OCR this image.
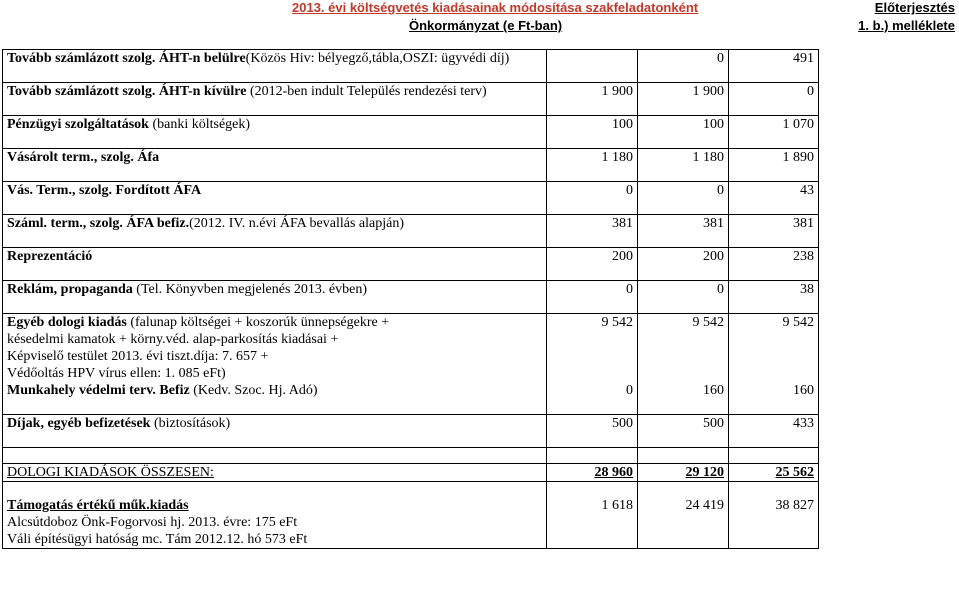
2013. évi költségvetés kiadásainak módosítása szakfeladatonként
Önkormányzat (e Ft-ban)
Előterjesztés
1. b.) melléklete
Tovább számlázott szolg. ÁHT-n belülre(Közös Hiv: bélyegző,tábla,OSZI: ügyvédi díj)		0	491

Tovább számlázott szolg. ÁHT-n kívülre (2012-ben indult Település rendezési terv)	1 900	1 900	0

Pénzügyi szolgáltatások (banki költségek)	100	100	1 070

Vásárolt term., szolg. Áfa	1 180	1 180	1 890

Vás. Term., szolg. Fordított ÁFA	0	0	43

Száml. term., szolg. ÁFA befiz.(2012. IV. n.évi ÁFA bevallás alapján)	381	381	381

Reprezentáció	200	200	238

Reklám, propaganda (Tel. Könyvben megjelenés 2013. évben)	0	0	38

Egyéb dologi kiadás (falunap költségei + koszorúk ünnepségekre +	9 542	9 542	9 542
késedelmi kamatok + körny.véd. alap-parkosítás kiadásai +			
Képviselő testület 2013. évi tiszt.díja: 7. 657 +			
Védőoltás HPV vírus ellen: 1. 085 eFt)			
Munkahely védelmi terv. Befiz (Kedv. Szoc. Hj. Adó)	0	160	160

Díjak, egyéb befizetések (biztosítások)	500	500	433

DOLOGI KIADÁSOK ÖSSZESEN:	28 960	29 120	25 562

Támogatás értékű műk.kiadás	1 618	24 419	38 827
Alcsútdoboz Önk-Fogorvosi hj. 2013. évre: 175 eFt			
Váli építésügyi hatóság mc. Tám 2012.12. hó 573 eFt			
